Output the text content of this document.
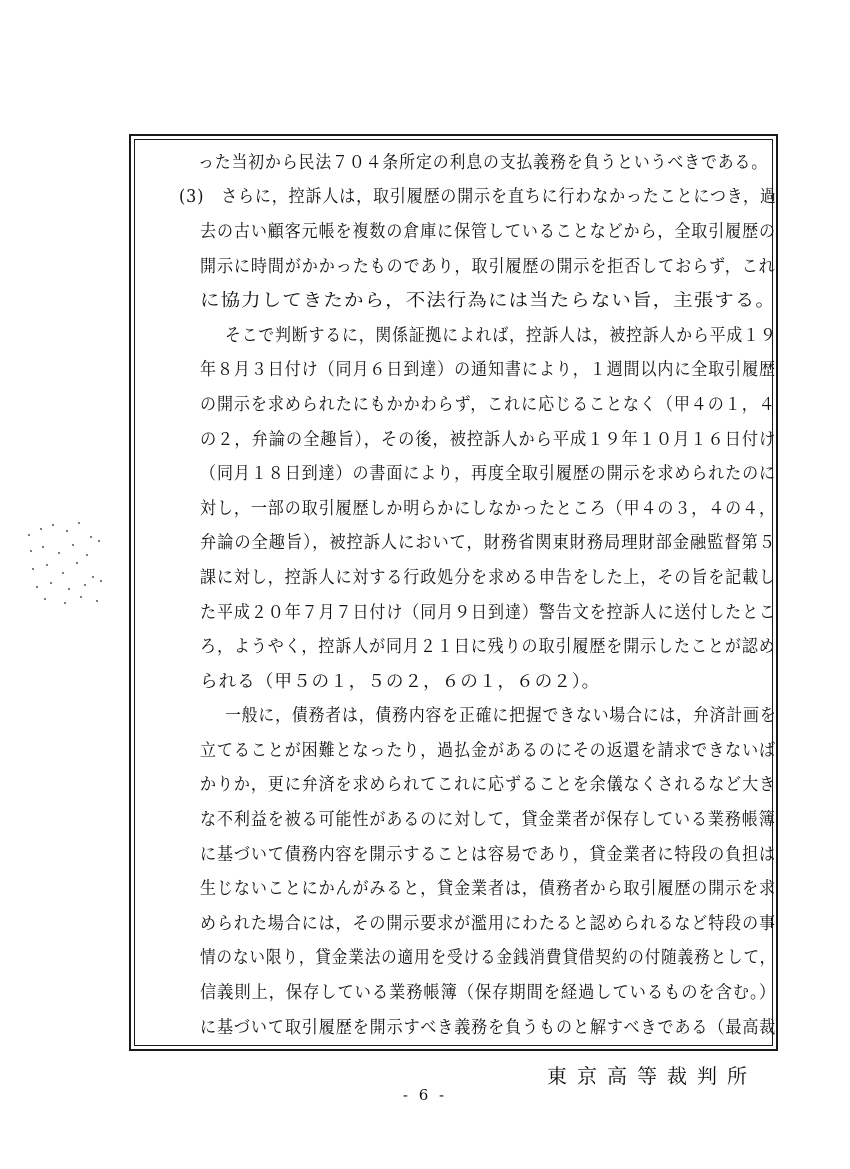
った当初から民法７０４条所定の利息の支払義務を負うというべきである。
(3)　さらに，控訴人は，取引履歴の開示を直ちに行わなかったことにつき，過
去の古い顧客元帳を複数の倉庫に保管していることなどから，全取引履歴の
開示に時間がかかったものであり，取引履歴の開示を拒否しておらず，これ
に協力してきたから，不法行為には当たらない旨，主張する。
そこで判断するに，関係証拠によれば，控訴人は，被控訴人から平成１９
年８月３日付け（同月６日到達）の通知書により，１週間以内に全取引履歴
の開示を求められたにもかかわらず，これに応じることなく（甲４の１，４
の２，弁論の全趣旨），その後，被控訴人から平成１９年１０月１６日付け
（同月１８日到達）の書面により，再度全取引履歴の開示を求められたのに
対し，一部の取引履歴しか明らかにしなかったところ（甲４の３，４の４，
弁論の全趣旨），被控訴人において，財務省関東財務局理財部金融監督第５
課に対し，控訴人に対する行政処分を求める申告をした上，その旨を記載し
た平成２０年７月７日付け（同月９日到達）警告文を控訴人に送付したとこ
ろ，ようやく，控訴人が同月２１日に残りの取引履歴を開示したことが認め
られる（甲５の１，５の２，６の１，６の２）。
一般に，債務者は，債務内容を正確に把握できない場合には，弁済計画を
立てることが困難となったり，過払金があるのにその返還を請求できないば
かりか，更に弁済を求められてこれに応ずることを余儀なくされるなど大き
な不利益を被る可能性があるのに対して，貸金業者が保存している業務帳簿
に基づいて債務内容を開示することは容易であり，貸金業者に特段の負担は
生じないことにかんがみると，貸金業者は，債務者から取引履歴の開示を求
められた場合には，その開示要求が濫用にわたると認められるなど特段の事
情のない限り，貸金業法の適用を受ける金銭消費貸借契約の付随義務として，
信義則上，保存している業務帳簿（保存期間を経過しているものを含む。）
に基づいて取引履歴を開示すべき義務を負うものと解すべきである（最高裁
東京高等裁判所
- 6 -
